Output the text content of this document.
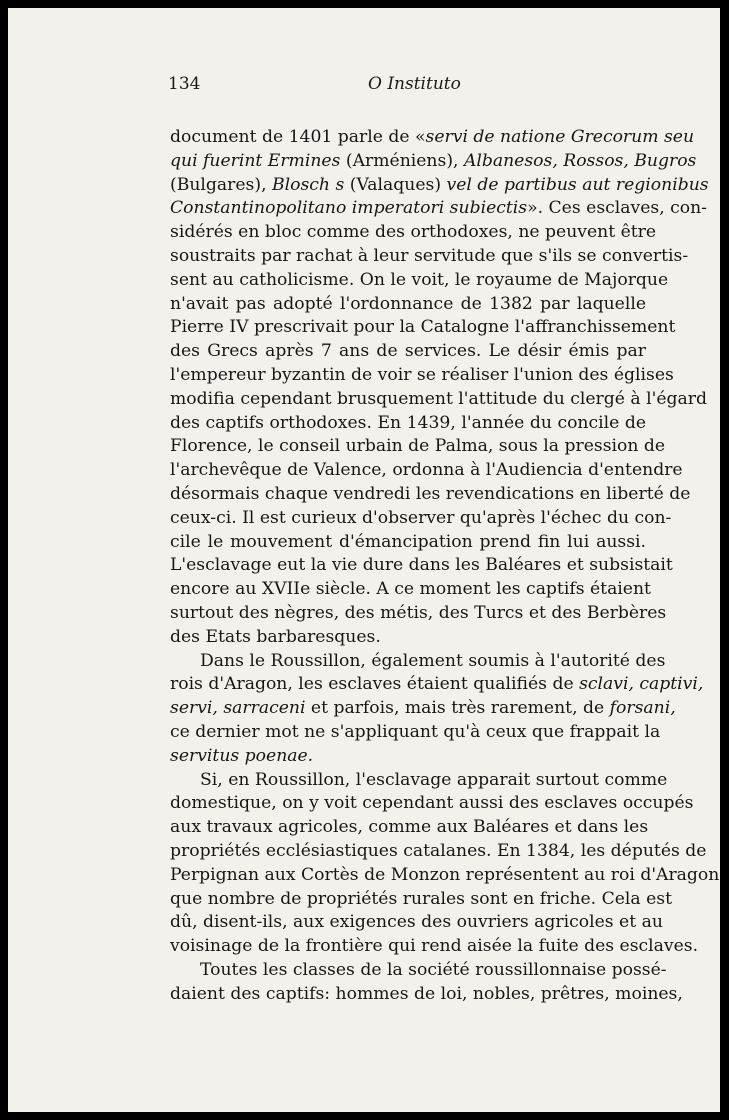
134	O Instituto
document de 1401 parle de «servi de natione Grecorum seu
qui fuerint Ermines (Arméniens), Albanesos, Rossos, Bugros
(Bulgares), Blosch s (Valaques) vel de partibus aut regionibus
Constantinopolitano imperatori subiectis». Ces esclaves, con-
sidérés en bloc comme des orthodoxes, ne peuvent être
soustraits par rachat à leur servitude que s'ils se convertis-
sent au catholicisme. On le voit, le royaume de Majorque
n'avait pas adopté l'ordonnance de 1382 par laquelle
Pierre IV prescrivait pour la Catalogne l'affranchissement
des Grecs après 7 ans de services. Le désir émis par
l'empereur byzantin de voir se réaliser l'union des églises
modifia cependant brusquement l'attitude du clergé à l'égard
des captifs orthodoxes. En 1439, l'année du concile de
Florence, le conseil urbain de Palma, sous la pression de
l'archevêque de Valence, ordonna à l'Audiencia d'entendre
désormais chaque vendredi les revendications en liberté de
ceux-ci. Il est curieux d'observer qu'après l'échec du con-
cile le mouvement d'émancipation prend fin lui aussi.
L'esclavage eut la vie dure dans les Baléares et subsistait
encore au XVIIe siècle. A ce moment les captifs étaient
surtout des nègres, des métis, des Turcs et des Berbères
des Etats barbaresques.
Dans le Roussillon, également soumis à l'autorité des
rois d'Aragon, les esclaves étaient qualifiés de sclavi, captivi,
servi, sarraceni et parfois, mais très rarement, de forsani,
ce dernier mot ne s'appliquant qu'à ceux que frappait la
servitus poenae.
Si, en Roussillon, l'esclavage apparait surtout comme
domestique, on y voit cependant aussi des esclaves occupés
aux travaux agricoles, comme aux Baléares et dans les
propriétés ecclésiastiques catalanes. En 1384, les députés de
Perpignan aux Cortès de Monzon représentent au roi d'Aragon
que nombre de propriétés rurales sont en friche. Cela est
dû, disent-ils, aux exigences des ouvriers agricoles et au
voisinage de la frontière qui rend aisée la fuite des esclaves.
Toutes les classes de la société roussillonnaise possé-
daient des captifs: hommes de loi, nobles, prêtres, moines,
